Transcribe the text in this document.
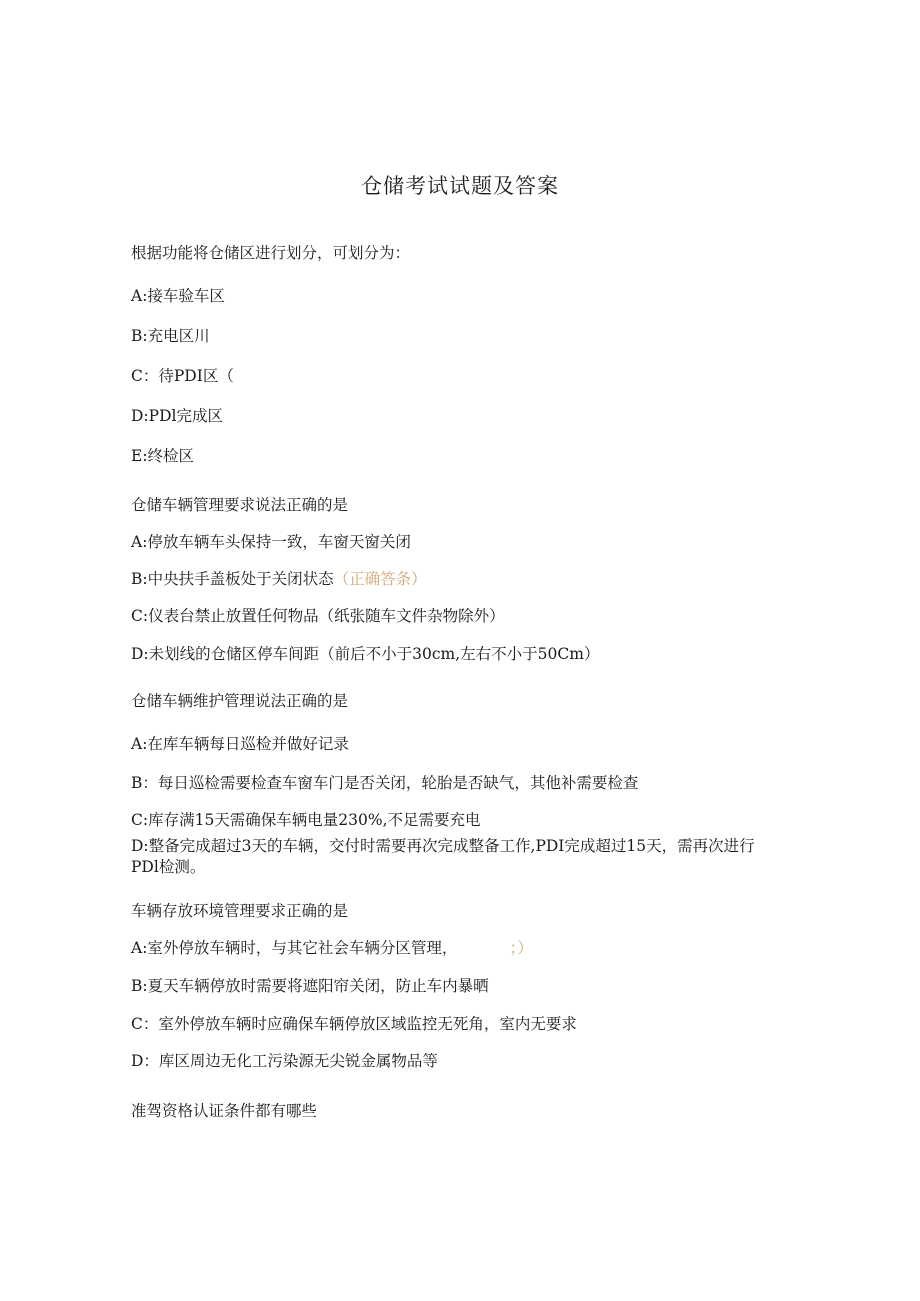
仓储考试试题及答案
根据功能将仓储区进行划分，可划分为：
A:接车验车区
B:充电区川
C：待PDI区（
D:PDl完成区
E:终检区
仓储车辆管理要求说法正确的是
A:停放车辆车头保持一致，车窗天窗关闭
B:中央扶手盖板处于关闭状态（正确答条）
C:仪表台禁止放置任何物品（纸张随车文件杂物除外）
D:未划线的仓储区停车间距（前后不小于30cm,左右不小于50Cm）
仓储车辆维护管理说法正确的是
A:在库车辆每日巡检并做好记录
B：每日巡检需要检查车窗车门是否关闭，轮胎是否缺气，其他补需要检查
C:库存满15天需确保车辆电量230%,不足需要充电
D:整备完成超过3天的车辆，交付时需要再次完成整备工作,PDI完成超过15天，需再次进行PDl检测。
车辆存放环境管理要求正确的是
A:室外停放车辆时，与其它社会车辆分区管理，	；）
B:夏天车辆停放时需要将遮阳帘关闭，防止车内暴晒
C：室外停放车辆时应确保车辆停放区域监控无死角，室内无要求
D：库区周边无化工污染源无尖锐金属物品等
准驾资格认证条件都有哪些
